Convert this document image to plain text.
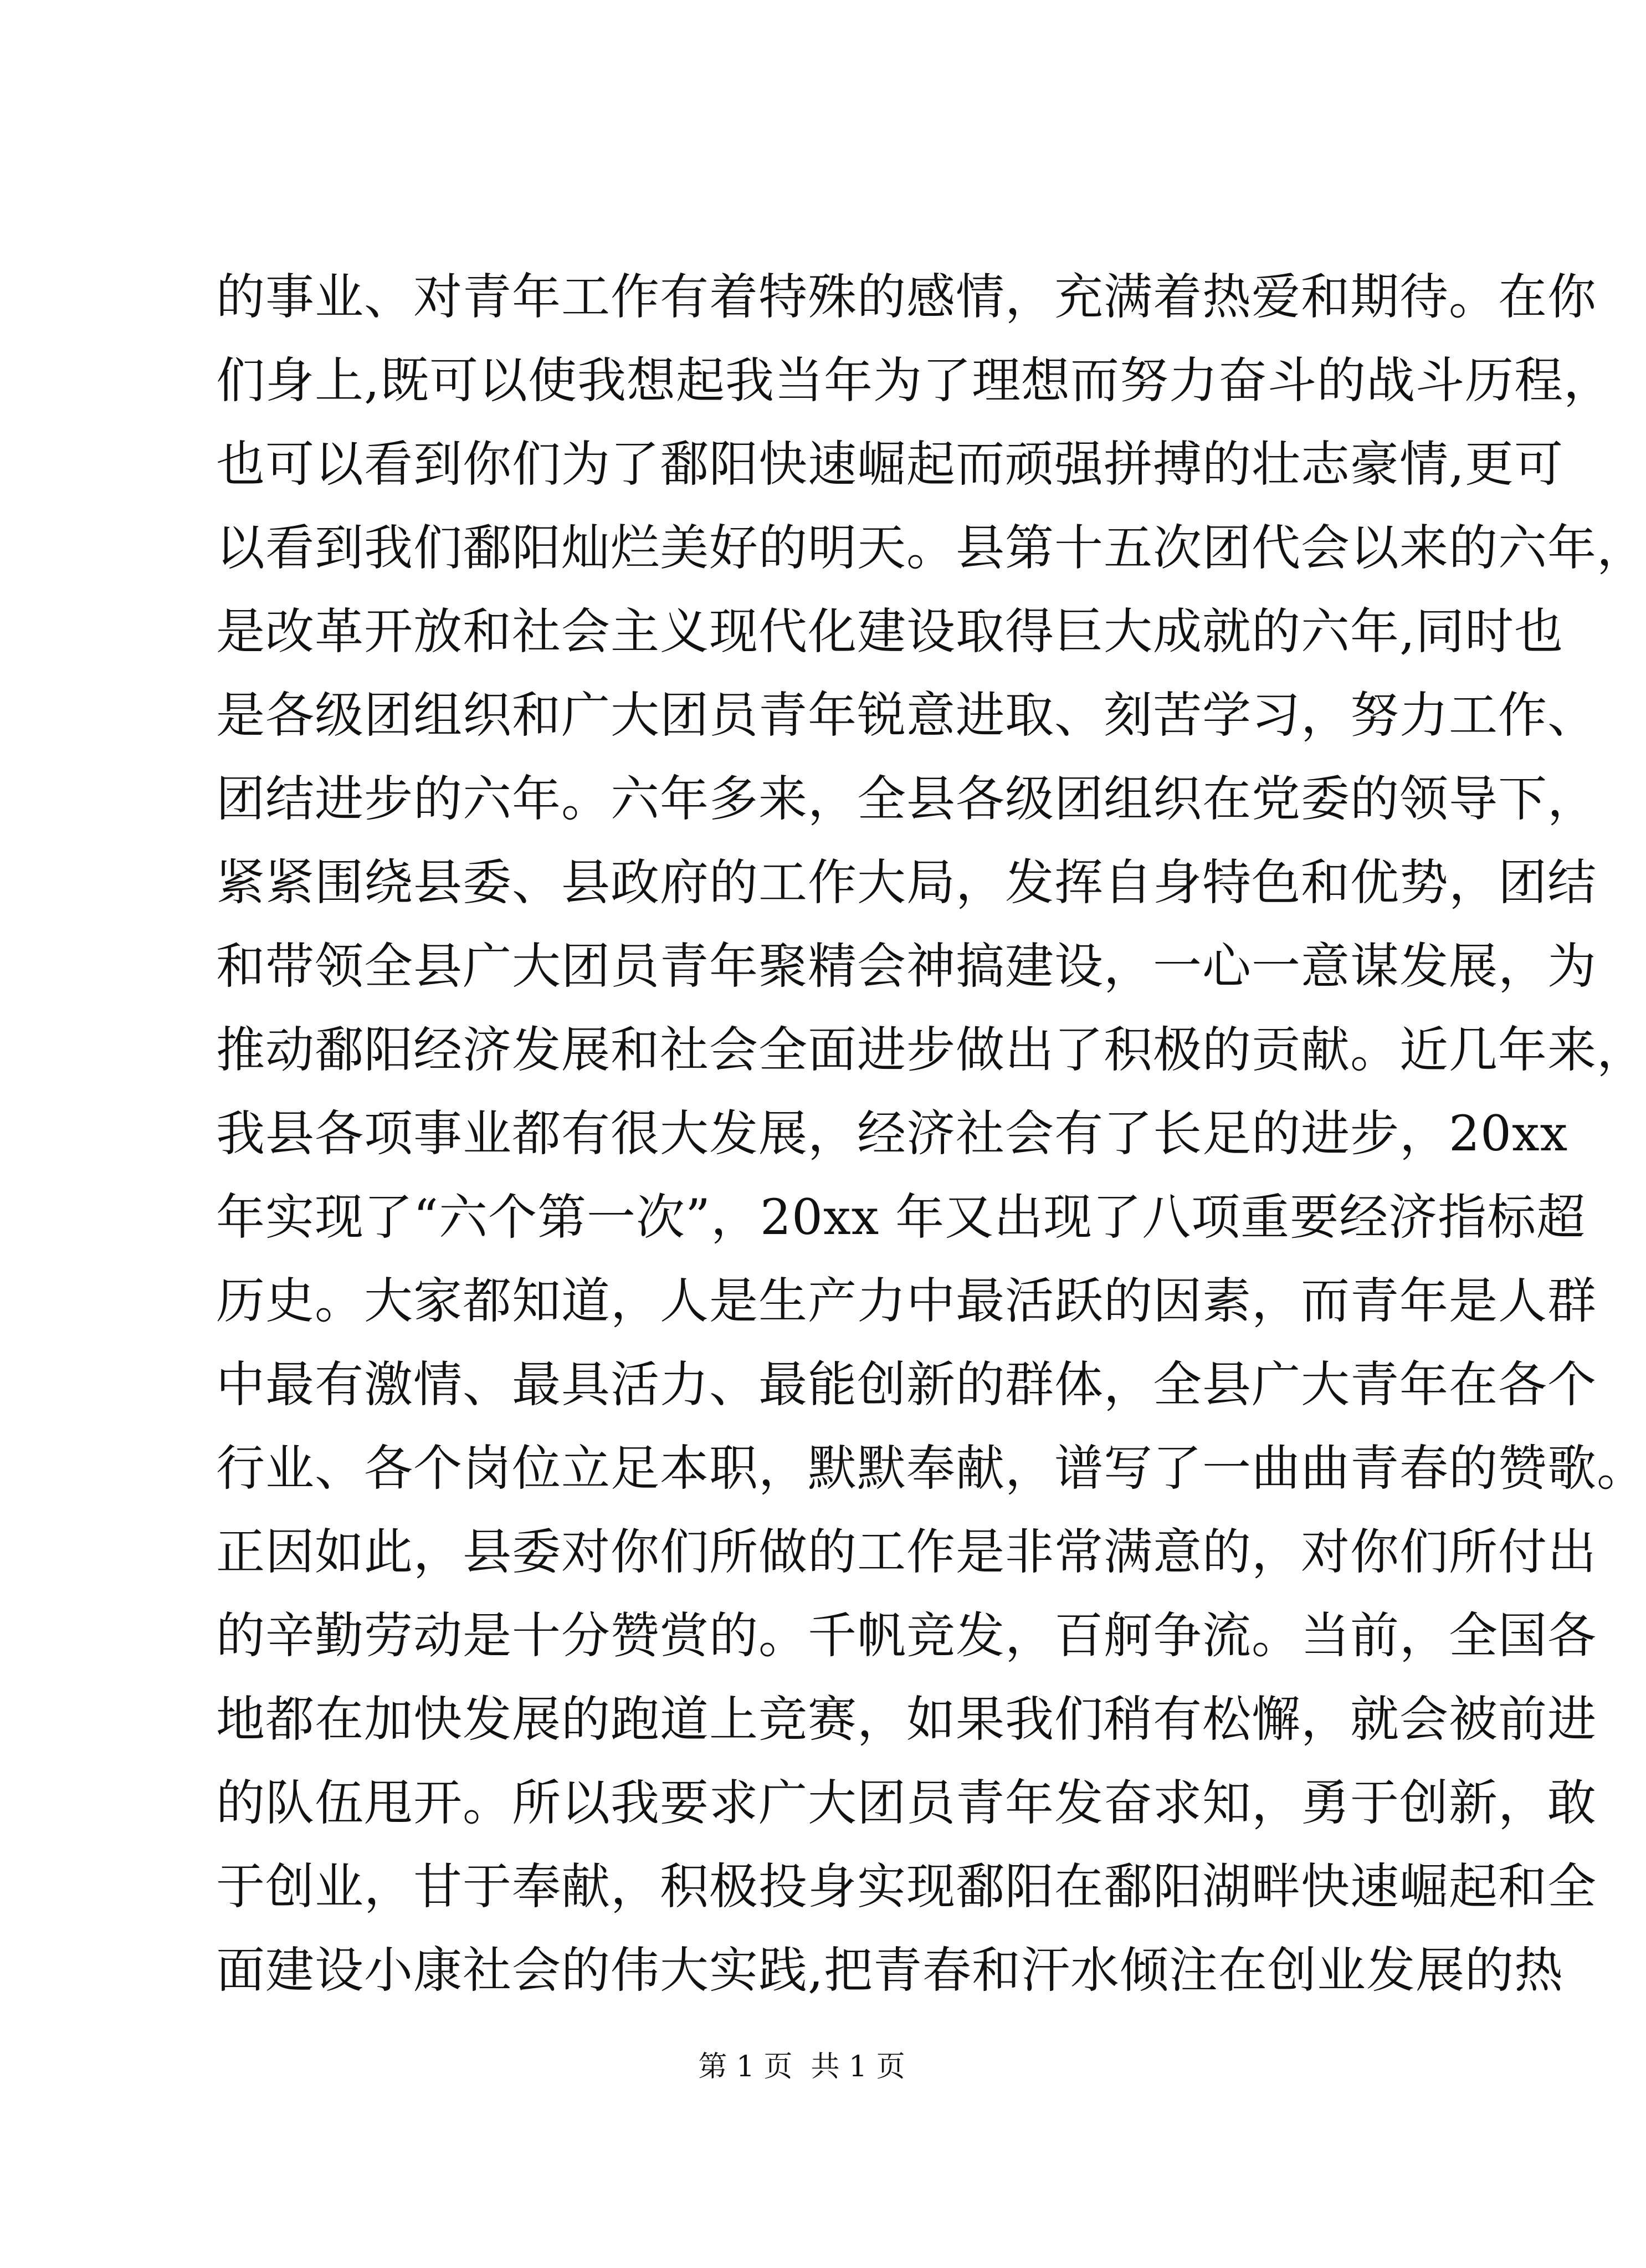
的事业、对青年工作有着特殊的感情，充满着热爱和期待。在你
们身上,既可以使我想起我当年为了理想而努力奋斗的战斗历程，
也可以看到你们为了鄱阳快速崛起而顽强拼搏的壮志豪情,更可
以看到我们鄱阳灿烂美好的明天。县第十五次团代会以来的六年，
是改革开放和社会主义现代化建设取得巨大成就的六年,同时也
是各级团组织和广大团员青年锐意进取、刻苦学习，努力工作、
团结进步的六年。六年多来，全县各级团组织在党委的领导下，
紧紧围绕县委、县政府的工作大局，发挥自身特色和优势，团结
和带领全县广大团员青年聚精会神搞建设，一心一意谋发展，为
推动鄱阳经济发展和社会全面进步做出了积极的贡献。近几年来，
我县各项事业都有很大发展，经济社会有了长足的进步，20xx
年实现了“六个第一次”，20xx 年又出现了八项重要经济指标超
历史。大家都知道，人是生产力中最活跃的因素，而青年是人群
中最有激情、最具活力、最能创新的群体，全县广大青年在各个
行业、各个岗位立足本职，默默奉献，谱写了一曲曲青春的赞歌。
正因如此，县委对你们所做的工作是非常满意的，对你们所付出
的辛勤劳动是十分赞赏的。千帆竞发，百舸争流。当前，全国各
地都在加快发展的跑道上竞赛，如果我们稍有松懈，就会被前进
的队伍甩开。所以我要求广大团员青年发奋求知，勇于创新，敢
于创业，甘于奉献，积极投身实现鄱阳在鄱阳湖畔快速崛起和全
面建设小康社会的伟大实践,把青春和汗水倾注在创业发展的热
第 1 页  共 1 页
